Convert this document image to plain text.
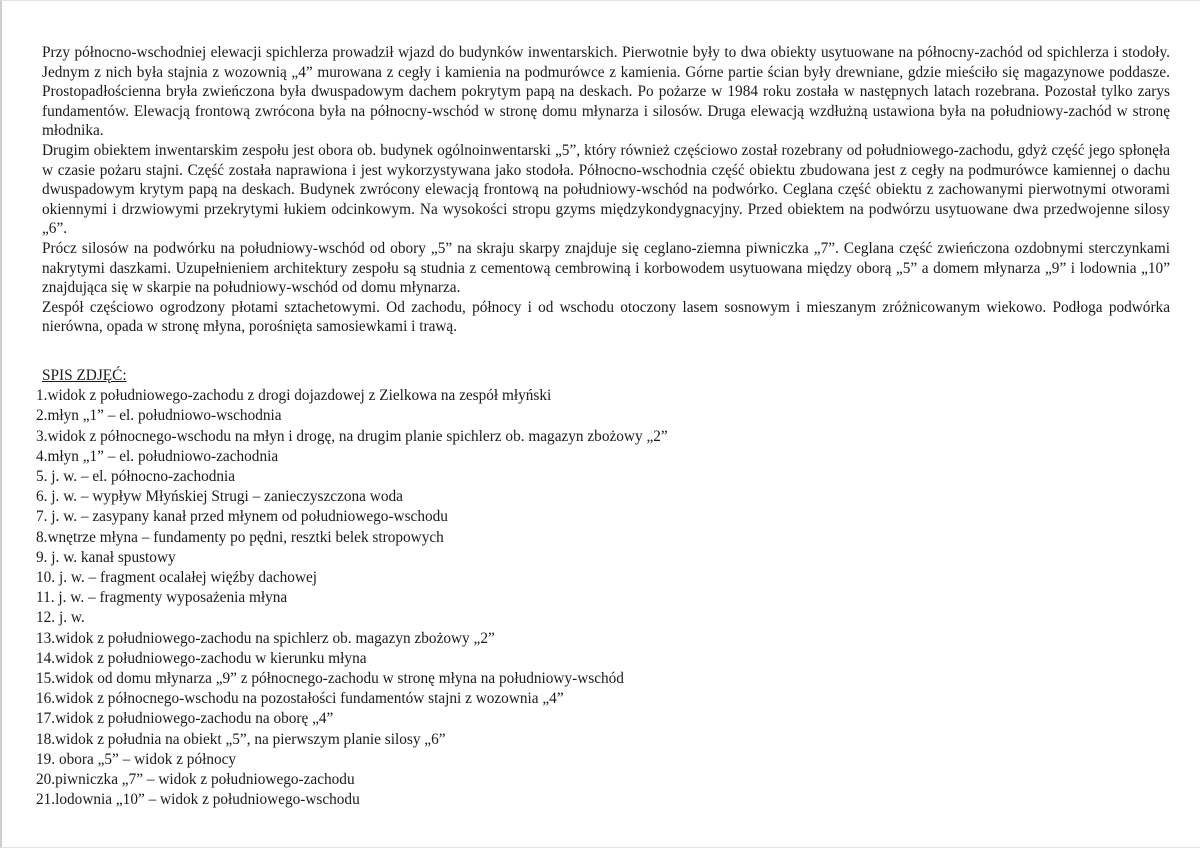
Przy północno-wschodniej elewacji spichlerza prowadził wjazd do budynków inwentarskich. Pierwotnie były to dwa obiekty usytuowane na północny-zachód od spichlerza i stodoły. Jednym z nich była stajnia z wozownią „4” murowana z cegły i kamienia na podmurówce z kamienia. Górne partie ścian były drewniane, gdzie mieściło się magazynowe poddasze. Prostopadłościenna bryła zwieńczona była dwuspadowym dachem pokrytym papą na deskach. Po pożarze w 1984 roku została w następnych latach rozebrana. Pozostał tylko zarys fundamentów. Elewacją frontową zwrócona była na północny-wschód w stronę domu młynarza i silosów. Druga elewacją wzdłużną ustawiona była na południowy-zachód w stronę młodnika.

Drugim obiektem inwentarskim zespołu jest obora ob. budynek ogólnoinwentarski „5”, który również częściowo został rozebrany od południowego-zachodu, gdyż część jego spłonęła w czasie pożaru stajni. Część została naprawiona i jest wykorzystywana jako stodoła. Północno-wschodnia część obiektu zbudowana jest z cegły na podmurówce kamiennej o dachu dwuspadowym krytym papą na deskach. Budynek zwrócony elewacją frontową na południowy-wschód na podwórko. Ceglana część obiektu z zachowanymi pierwotnymi otworami okiennymi i drzwiowymi przekrytymi łukiem odcinkowym. Na wysokości stropu gzyms międzykondygnacyjny. Przed obiektem na podwórzu usytuowane dwa przedwojenne silosy „6”.

Prócz silosów na podwórku na południowy-wschód od obory „5” na skraju skarpy znajduje się ceglano-ziemna piwniczka „7”. Ceglana część zwieńczona ozdobnymi sterczynkami nakrytymi daszkami. Uzupełnieniem architektury zespołu są studnia z cementową cembrowiną i korbowodem usytuowana między oborą „5” a domem młynarza „9” i lodownia „10” znajdująca się w skarpie na południowy-wschód od domu młynarza.

Zespół częściowo ogrodzony płotami sztachetowymi. Od zachodu, północy i od wschodu otoczony lasem sosnowym i mieszanym zróżnicowanym wiekowo. Podłoga podwórka nierówna, opada w stronę młyna, porośnięta samosiewkami i trawą.

SPIS ZDJĘĆ:

1.widok z południowego-zachodu z drogi dojazdowej z Zielkowa na zespół młyński
2.młyn „1” – el. południowo-wschodnia
3.widok z północnego-wschodu na młyn i drogę, na drugim planie spichlerz ob. magazyn zbożowy „2”
4.młyn „1” – el. południowo-zachodnia
5. j. w. – el. północno-zachodnia
6. j. w. – wypływ Młyńskiej Strugi – zanieczyszczona woda
7. j. w. – zasypany kanał przed młynem od południowego-wschodu
8.wnętrze młyna – fundamenty po pędni, resztki belek stropowych
9. j. w. kanał spustowy
10. j. w. – fragment ocalałej więźby dachowej
11. j. w. – fragmenty wyposażenia młyna
12. j. w.
13.widok z południowego-zachodu na spichlerz ob. magazyn zbożowy „2”
14.widok z południowego-zachodu w kierunku młyna
15.widok od domu młynarza „9” z północnego-zachodu w stronę młyna na południowy-wschód
16.widok z północnego-wschodu na pozostałości fundamentów stajni z wozownia „4”
17.widok z południowego-zachodu na oborę „4”
18.widok z południa na obiekt „5”, na pierwszym planie silosy „6”
19. obora „5” – widok z północy
20.piwniczka „7” – widok z południowego-zachodu
21.lodownia „10” – widok z południowego-wschodu
